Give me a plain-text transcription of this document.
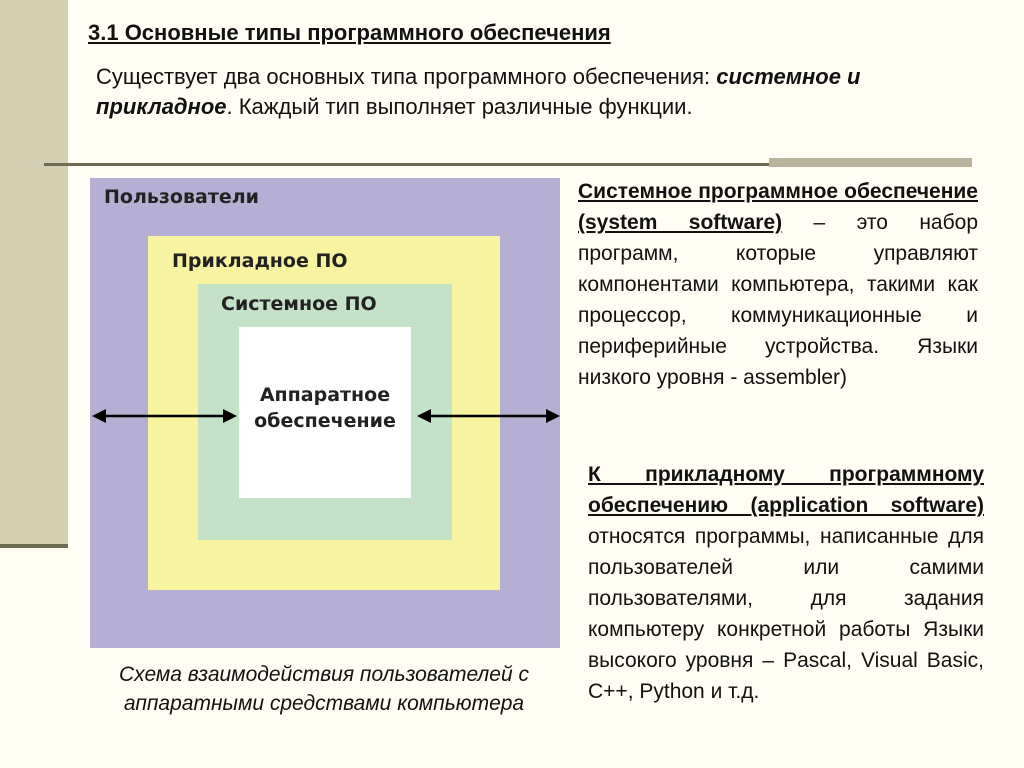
3.1 Основные типы программного обеспечения
Существует два основных типа программного обеспечения: системное и прикладное. Каждый тип выполняет различные функции.
Пользователи
Прикладное ПО
Системное ПО
Аппаратное обеспечение
Схема взаимодействия пользователей с аппаратными средствами компьютера
Системное программное обеспечение (system software) – это набор программ, которые управляют компонентами компьютера, такими как процессор, коммуникационные и периферийные устройства. Языки низкого уровня - assembler)
К прикладному программному обеспечению (application software) относятся программы, написанные для пользователей или самими пользователями, для задания компьютеру конкретной работы Языки высокого уровня – Pascal, Visual Basic, C++, Python и т.д.
